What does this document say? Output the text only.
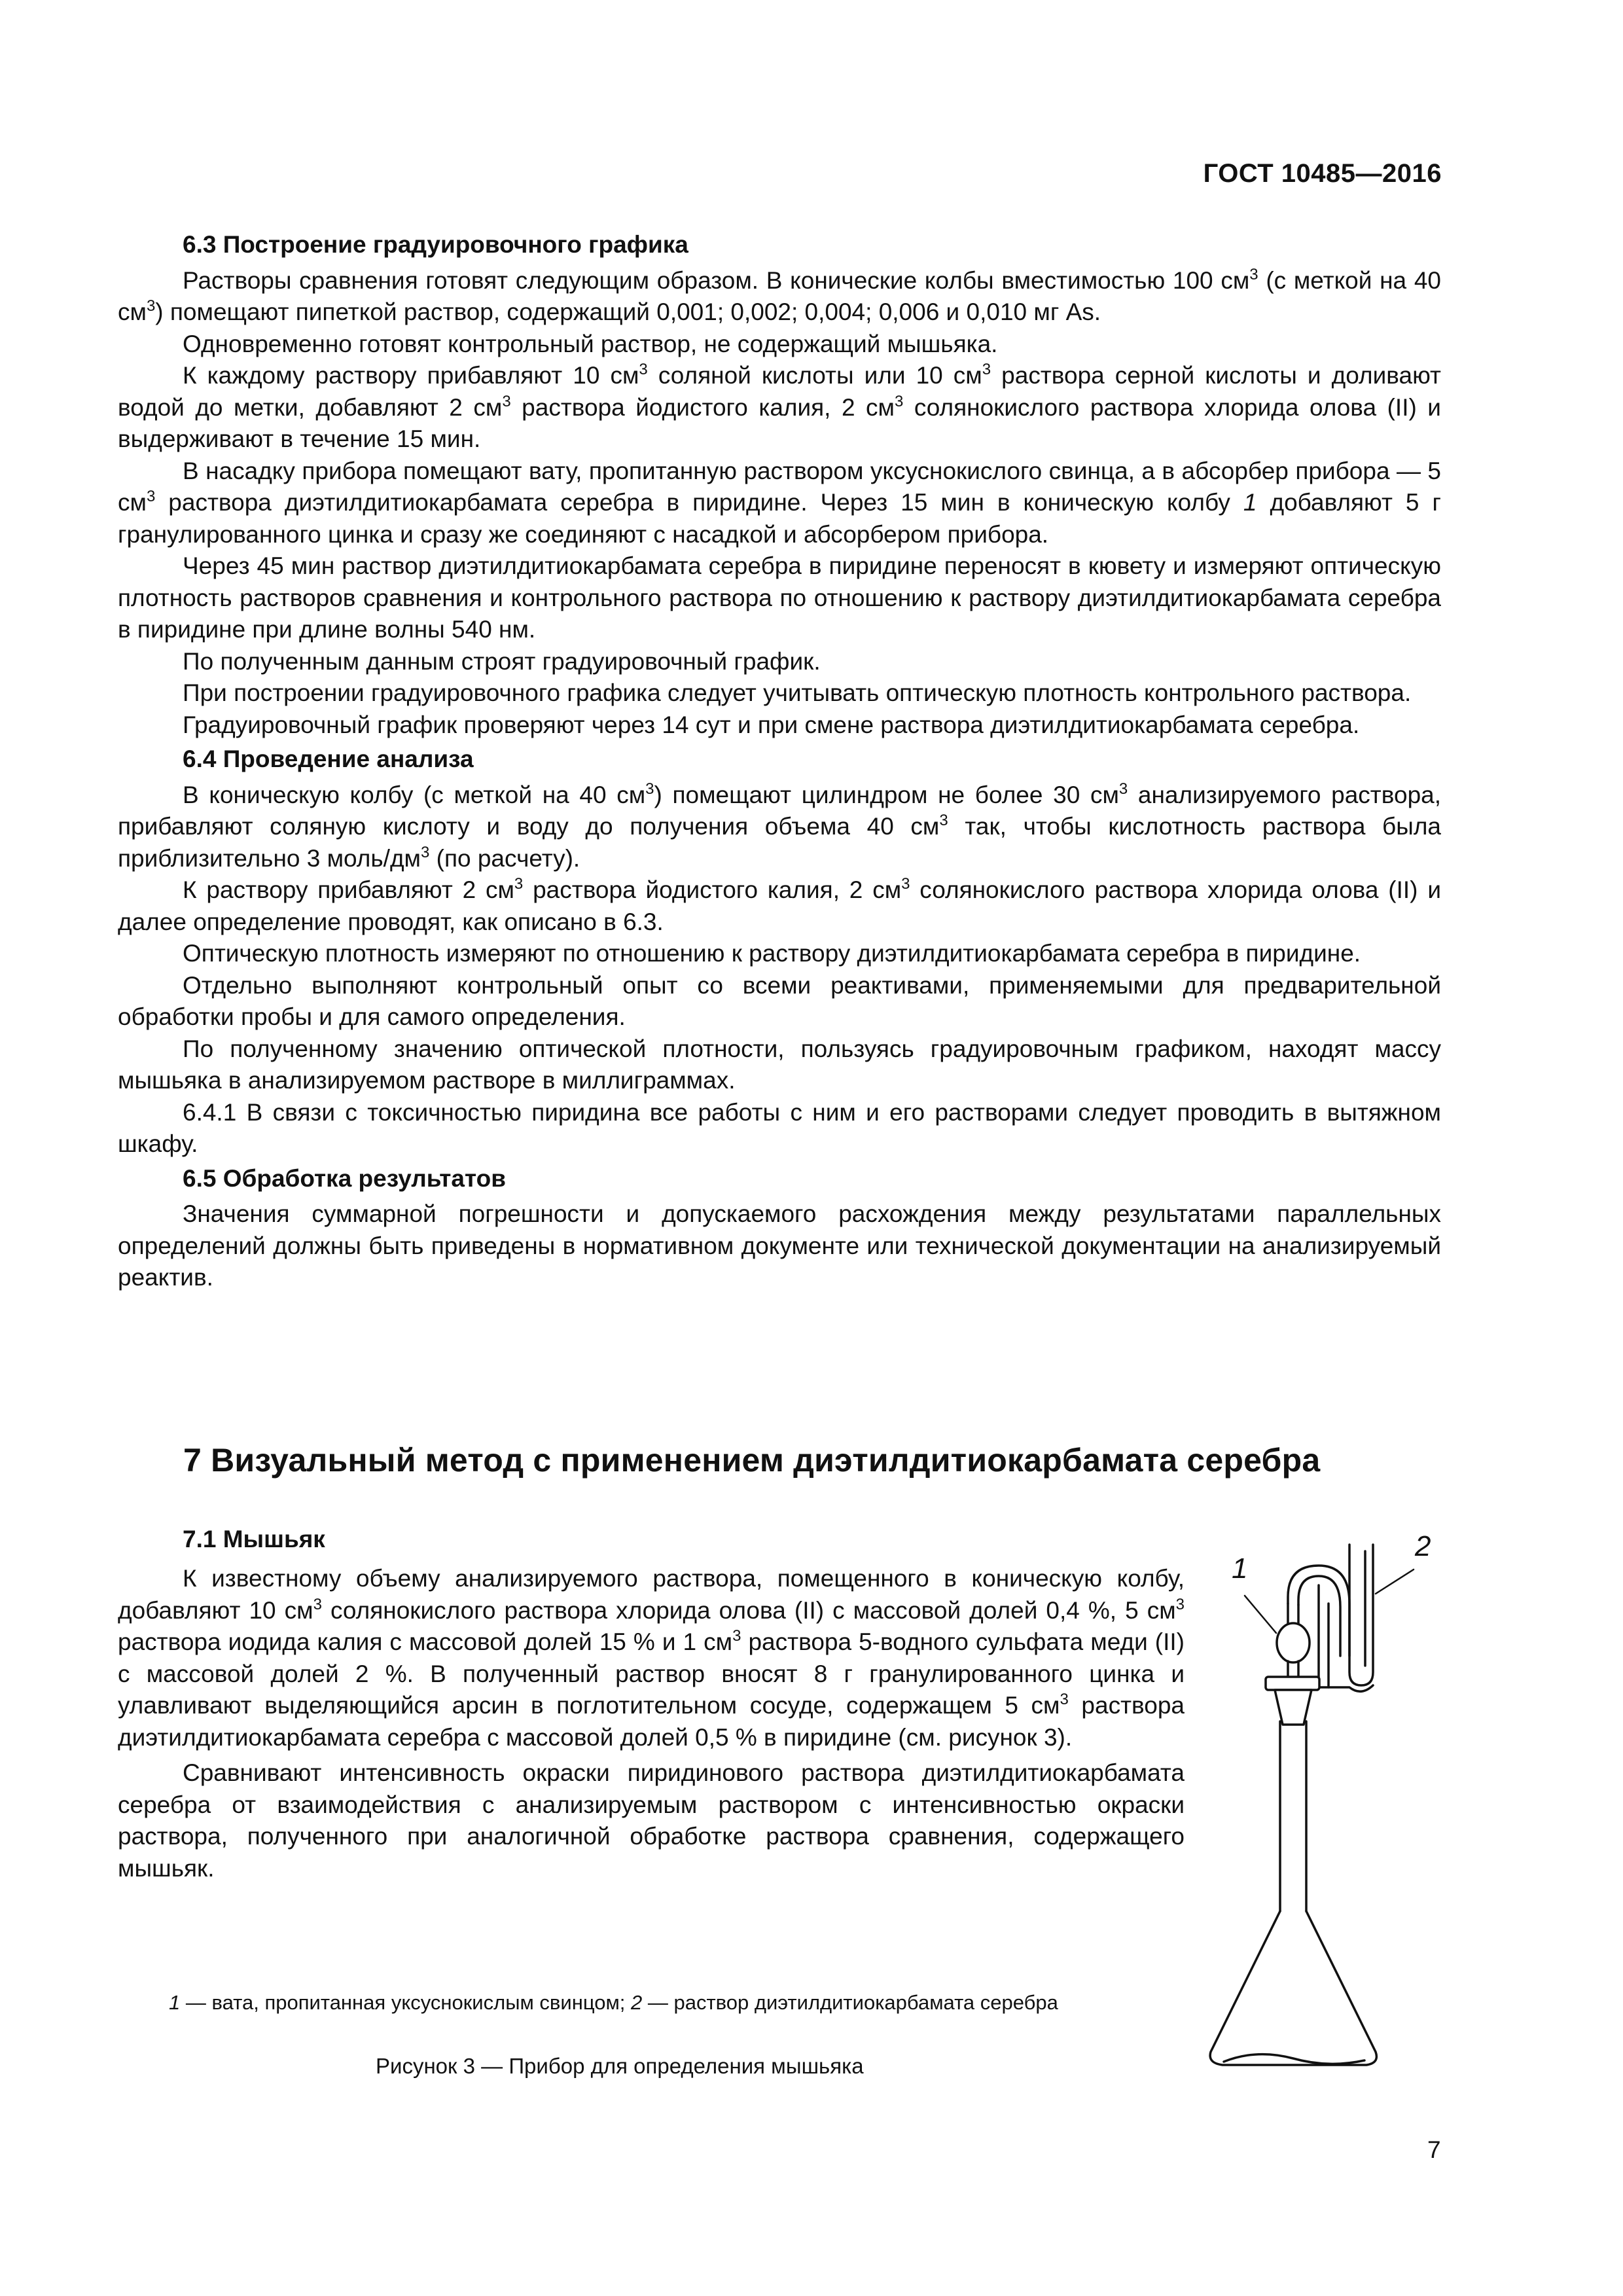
ГОСТ 10485—2016
6.3 Построение градуировочного графика

Растворы сравнения готовят следующим образом. В конические колбы вместимостью 100 $см^3$ (с меткой на 40 $см^3$) помещают пипеткой раствор, содержащий 0,001; 0,002; 0,004; 0,006 и 0,010 мг As.

Одновременно готовят контрольный раствор, не содержащий мышьяка.

К каждому раствору прибавляют 10 $см^3$ соляной кислоты или 10 $см^3$ раствора серной кислоты и доливают водой до метки, добавляют 2 $см^3$ раствора йодистого калия, 2 $см^3$ солянокислого раствора хлорида олова (II) и выдерживают в течение 15 мин.

В насадку прибора помещают вату, пропитанную раствором уксуснокислого свинца, а в абсорбер прибора — 5 $см^3$ раствора диэтилдитиокарбамата серебра в пиридине. Через 15 мин в коническую колбу 1 добавляют 5 г гранулированного цинка и сразу же соединяют с насадкой и абсорбером прибора.

Через 45 мин раствор диэтилдитиокарбамата серебра в пиридине переносят в кювету и измеряют оптическую плотность растворов сравнения и контрольного раствора по отношению к раствору диэтилдитиокарбамата серебра в пиридине при длине волны 540 нм.

По полученным данным строят градуировочный график.

При построении градуировочного графика следует учитывать оптическую плотность контрольного раствора.

Градуировочный график проверяют через 14 сут и при смене раствора диэтилдитиокарбамата серебра.

6.4 Проведение анализа

В коническую колбу (с меткой на 40 $см^3$) помещают цилиндром не более 30 $см^3$ анализируемого раствора, прибавляют соляную кислоту и воду до получения объема 40 $см^3$ так, чтобы кислотность раствора была приблизительно 3 моль/$дм^3$ (по расчету).

К раствору прибавляют 2 $см^3$ раствора йодистого калия, 2 $см^3$ солянокислого раствора хлорида олова (II) и далее определение проводят, как описано в 6.3.

Оптическую плотность измеряют по отношению к раствору диэтилдитиокарбамата серебра в пиридине.

Отдельно выполняют контрольный опыт со всеми реактивами, применяемыми для предварительной обработки пробы и для самого определения.

По полученному значению оптической плотности, пользуясь градуировочным графиком, находят массу мышьяка в анализируемом растворе в миллиграммах.

6.4.1 В связи с токсичностью пиридина все работы с ним и его растворами следует проводить в вытяжном шкафу.

6.5 Обработка результатов

Значения суммарной погрешности и допускаемого расхождения между результатами параллельных определений должны быть приведены в нормативном документе или технической документации на анализируемый реактив.

7 Визуальный метод с применением диэтилдитиокарбамата серебра
7.1 Мышьяк

К известному объему анализируемого раствора, помещенного в коническую колбу, добавляют 10 $см^3$ солянокислого раствора хлорида олова (II) с массовой долей 0,4 %, 5 $см^3$ раствора иодида калия с массовой долей 15 % и 1 $см^3$ раствора 5-водного сульфата меди (II) с массовой долей 2 %. В полученный раствор вносят 8 г гранулированного цинка и улавливают выделяющийся арсин в поглотительном сосуде, содержащем 5 $см^3$ раствора диэтилдитиокарбамата серебра с массовой долей 0,5 % в пиридине (см. рисунок 3).

Сравнивают интенсивность окраски пиридинового раствора диэтилдитиокарбамата серебра от взаимодействия с анализируемым раствором с интенсивностью окраски раствора, полученного при аналогичной обработке раствора сравнения, содержащего мышьяк.

1
2
1 — вата, пропитанная уксуснокислым свинцом; 2 — раствор диэтилдитиокарбамата серебра
Рисунок 3 — Прибор для определения мышьяка
7
